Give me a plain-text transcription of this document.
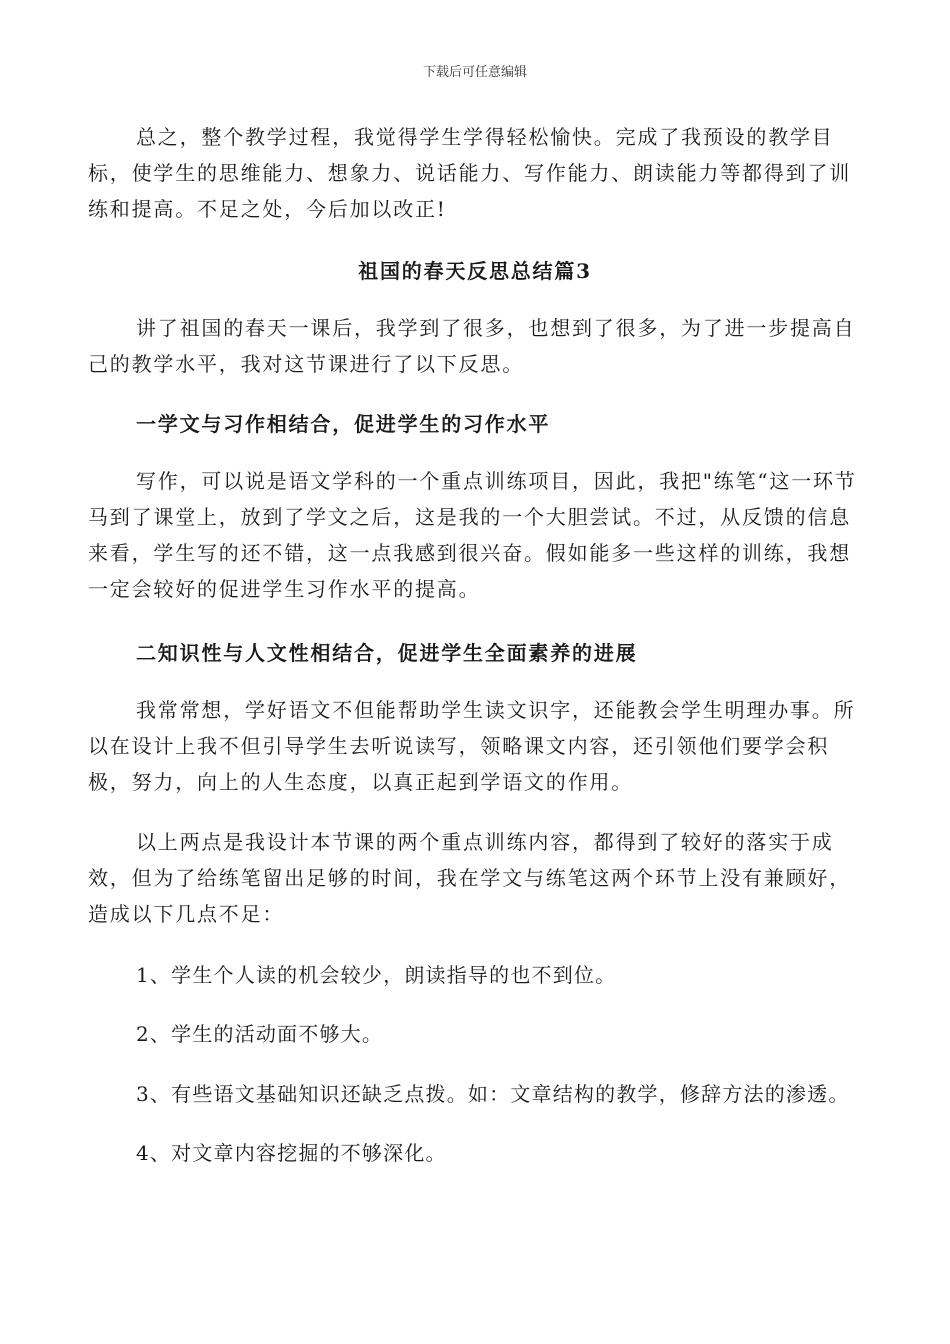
下载后可任意编辑

总之，整个教学过程，我觉得学生学得轻松愉快。完成了我预设的教学目标，使学生的思维能力、想象力、说话能力、写作能力、朗读能力等都得到了训练和提高。不足之处，今后加以改正!

祖国的春天反思总结篇3

讲了祖国的春天一课后，我学到了很多，也想到了很多，为了进一步提高自己的教学水平，我对这节课进行了以下反思。

一学文与习作相结合，促进学生的习作水平

写作，可以说是语文学科的一个重点训练项目，因此，我把"练笔“这一环节马到了课堂上，放到了学文之后，这是我的一个大胆尝试。不过，从反馈的信息来看，学生写的还不错，这一点我感到很兴奋。假如能多一些这样的训练，我想一定会较好的促进学生习作水平的提高。

二知识性与人文性相结合，促进学生全面素养的进展

我常常想，学好语文不但能帮助学生读文识字，还能教会学生明理办事。所以在设计上我不但引导学生去听说读写，领略课文内容，还引领他们要学会积极，努力，向上的人生态度，以真正起到学语文的作用。

以上两点是我设计本节课的两个重点训练内容，都得到了较好的落实于成效，但为了给练笔留出足够的时间，我在学文与练笔这两个环节上没有兼顾好，造成以下几点不足：

1、学生个人读的机会较少，朗读指导的也不到位。

2、学生的活动面不够大。

3、有些语文基础知识还缺乏点拨。如：文章结构的教学，修辞方法的渗透。

4、对文章内容挖掘的不够深化。
